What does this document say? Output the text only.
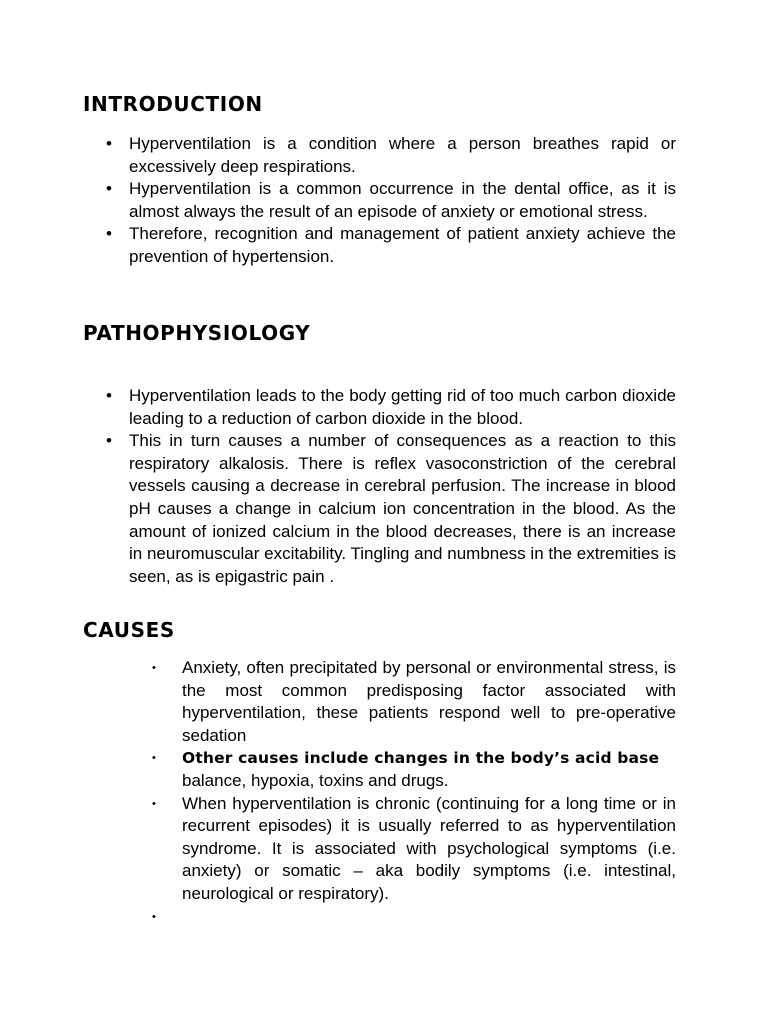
INTRODUCTION
• Hyperventilation is a condition where a person breathes rapid or excessively deep respirations.
• Hyperventilation is a common occurrence in the dental office, as it is almost always the result of an episode of anxiety or emotional stress.
• Therefore, recognition and management of patient anxiety achieve the prevention of hypertension.
PATHOPHYSIOLOGY
• Hyperventilation leads to the body getting rid of too much carbon dioxide leading to a reduction of carbon dioxide in the blood.
• This in turn causes a number of consequences as a reaction to this respiratory alkalosis. There is reflex vasoconstriction of the cerebral vessels causing a decrease in cerebral perfusion. The increase in blood pH causes a change in calcium ion concentration in the blood. As the amount of ionized calcium in the blood decreases, there is an increase in neuromuscular excitability. Tingling and numbness in the extremities is seen, as is epigastric pain .
CAUSES
• Anxiety, often precipitated by personal or environmental stress, is the most common predisposing factor associated with hyperventilation, these patients respond well to pre-operative sedation
• Other causes include changes in the body’s acid base
balance, hypoxia, toxins and drugs.
• When hyperventilation is chronic (continuing for a long time or in recurrent episodes) it is usually referred to as hyperventilation syndrome. It is associated with psychological symptoms (i.e. anxiety) or somatic – aka bodily symptoms (i.e. intestinal, neurological or respiratory).
•
